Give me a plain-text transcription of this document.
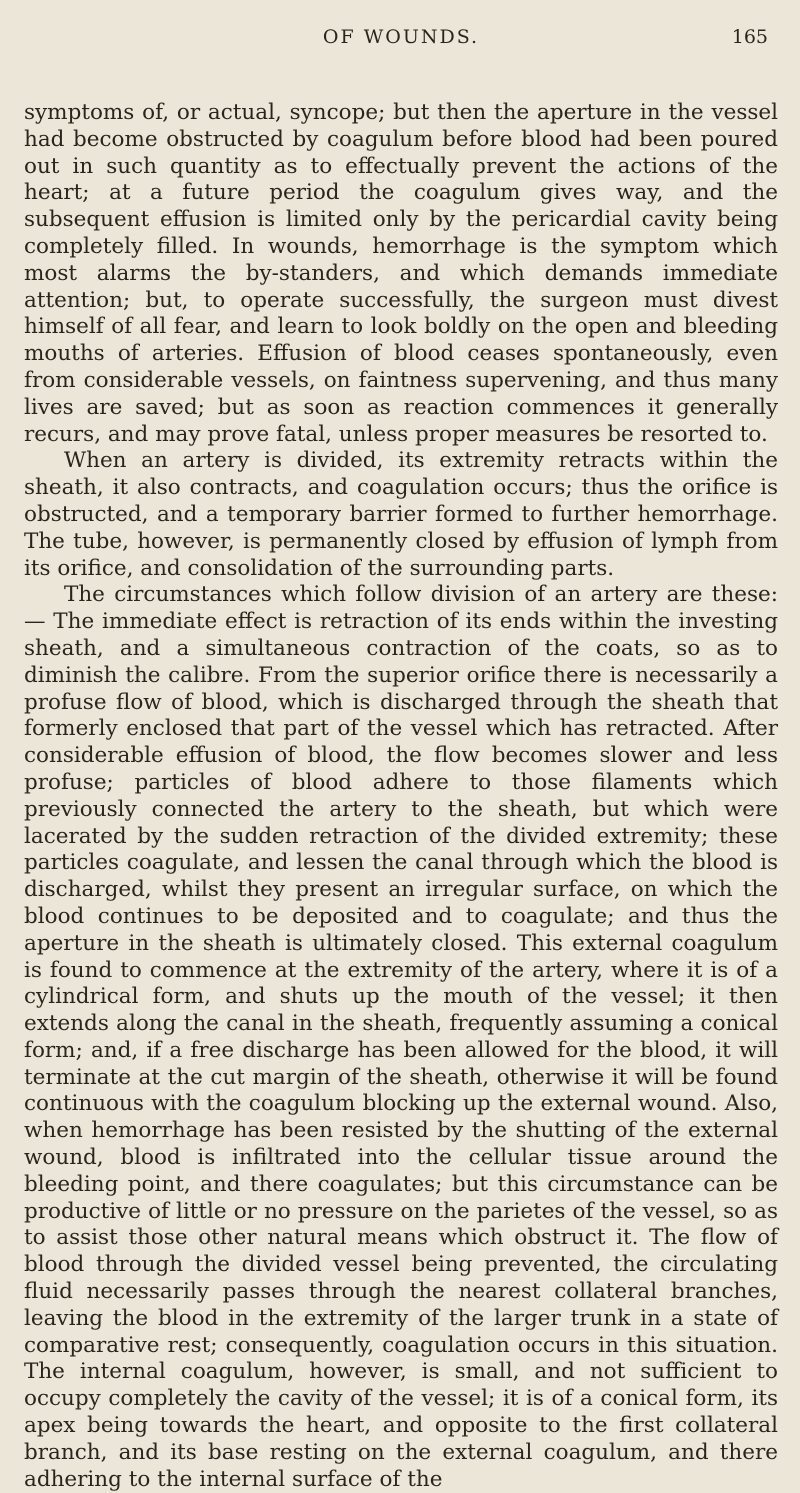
OF WOUNDS.	165

symptoms of, or actual, syncope; but then the aperture in the vessel had become obstructed by coagulum before blood had been poured out in such quantity as to effectually prevent the actions of the heart; at a future period the coagulum gives way, and the subsequent effusion is limited only by the pericardial cavity being completely filled. In wounds, hemorrhage is the symptom which most alarms the by-standers, and which demands immediate attention; but, to operate successfully, the surgeon must divest himself of all fear, and learn to look boldly on the open and bleeding mouths of arteries. Effusion of blood ceases spontaneously, even from considerable vessels, on faintness supervening, and thus many lives are saved; but as soon as reaction commences it generally recurs, and may prove fatal, unless proper measures be resorted to.

When an artery is divided, its extremity retracts within the sheath, it also contracts, and coagulation occurs; thus the orifice is obstructed, and a temporary barrier formed to further hemorrhage. The tube, however, is permanently closed by effusion of lymph from its orifice, and consolidation of the surrounding parts.

The circumstances which follow division of an artery are these: — The immediate effect is retraction of its ends within the investing sheath, and a simultaneous contraction of the coats, so as to diminish the calibre. From the superior orifice there is necessarily a profuse flow of blood, which is discharged through the sheath that formerly enclosed that part of the vessel which has retracted. After considerable effusion of blood, the flow becomes slower and less profuse; particles of blood adhere to those filaments which previously connected the artery to the sheath, but which were lacerated by the sudden retraction of the divided extremity; these particles coagulate, and lessen the canal through which the blood is discharged, whilst they present an irregular surface, on which the blood continues to be deposited and to coagulate; and thus the aperture in the sheath is ultimately closed. This external coagulum is found to commence at the extremity of the artery, where it is of a cylindrical form, and shuts up the mouth of the vessel; it then extends along the canal in the sheath, frequently assuming a conical form; and, if a free discharge has been allowed for the blood, it will terminate at the cut margin of the sheath, otherwise it will be found continuous with the coagulum blocking up the external wound. Also, when hemorrhage has been resisted by the shutting of the external wound, blood is infiltrated into the cellular tissue around the bleeding point, and there coagulates; but this circumstance can be productive of little or no pressure on the parietes of the vessel, so as to assist those other natural means which obstruct it. The flow of blood through the divided vessel being prevented, the circulating fluid necessarily passes through the nearest collateral branches, leaving the blood in the extremity of the larger trunk in a state of comparative rest; consequently, coagulation occurs in this situation. The internal coagulum, however, is small, and not sufficient to occupy completely the cavity of the vessel; it is of a conical form, its apex being towards the heart, and opposite to the first collateral branch, and its base resting on the external coagulum, and there adhering to the internal surface of the
